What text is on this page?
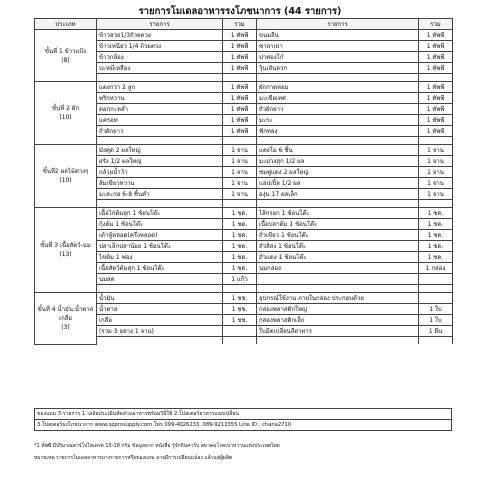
รายการโมเดลอาหารรงโภชนาการ (44 รายการ)
ประเภท	รายการ	รวม	รายการ	รวม

ขั้นที่ 1 ข้าวแป้ง
(8)	ข้าวสวย1/3ถ้วยตวง	1 ทัพพี	ขนมจีน	1 ทัพพี
	ข้าวเหนียว 1/4 ถ้วยตวง	1 ทัพพี	ซาลาเปา	1 ทัพพี
	ข้าวกล้อง	1 ทัพพี	ปาท่องโก๋	1 ทัพพี
	บะหมี่เหลือง	1 ทัพพี	วุ้นเส้นลวก	1 ทัพพี

ขั้นที่ 2 ผัก
(10)	แตงกวา 2 ลูก	1 ทัพพี	ผักกาดหอม	1 ทัพพี
	พริกหวาน	1 ทัพพี	มะเขือเทศ	1 ทัพพี
	ดอกกะหล่ำ	1 ทัพพี	ถั่วฝักยาว	1 ทัพพี
	แครอท	1 ทัพพี	มะระ	1 ทัพพี
	ถั่วฝักยาว	1 ทัพพี	ฟักทอง	1 ทัพพี

ขั้นที่2 ผลไม้ต่างๆ
(10)	มังคุด 2 ผลใหญ่	1 จาน	แตงโม 6 ชิ้น	1 จาน
	ฝรั่ง 1/2 ผลใหญ่	1 จาน	มะม่วงสุก 1/2 ผล	1 จาน
	กล้วยน้ำว้า	1 จาน	ชมพู่แดง 2 ผลใหญ่	1 จาน
	ส้มเขียวหวาน	1 จาน	แอปเปิ้ล 1/2 ผล	1 จาน
	มะละกอ 6-8 ชิ้นคำ	1 จาน	องุ่น 17 ผลเล็ก	1 จาน

ขั้นที่ 3 เนื้อสัตว์-นม
(13)	เนื้อไก่ต้มสุก 1 ช้อนโต๊ะ	1 ชด.	ไส้กรอก 1 ช้อนโต๊ะ	1 ชด.
	กุ้งต้ม 1 ช้อนโต๊ะ	1 ชด.	เนื้อปลาต้ม 1 ช้อนโต๊ะ	1 ชด.
	เต้าหู้หลอด(ครึ่งหลอด)	1 ชด.	ถั่วเขียว 1 ช้อนโต๊ะ	1 ชด.
	ปลาเล็กปลาน้อย 1 ช้อนโต๊ะ	1 ชด.	ถั่วลิสง 1 ช้อนโต๊ะ	1 ชด.
	ไข่ต้ม 1 ฟอง	1 ชด.	ถั่วแดง 1 ช้อนโต๊ะ	1 ชด.
	เนื้อสัตว์ต้มสุก 1 ช้อนโต๊ะ	1 ชด.	นมกล่อง	1 กล่อง
	นมสด	1 แก้ว		

ขั้นที่ 4 น้ำมัน,น้ำตาล เกลือ
(3)	น้ำมัน	1 ชช.	อุปกรณ์ใช้งาน ภายในกล่อง ประกอบด้วย	
	น้ำตาล	1 ชช.	กล่องพลาสติกใหญ่	1 ใบ
	เกลือ	1 ชช.	กล่องพลาสติกเล็ก	1 ใบ
	(รวม 3 อย่าง 1 จาน)		ใบมีดเปลี่ยนสีอาหาร	1 ผืน

ของแถม 3 รายการ 1.วงล้อประเมินสัดส่วนอาหารพร้อมวิธีใช้ 2.โปสเตอร์อาหารแลกเปลี่ยน
3.โปสเตอร์ธงโภชนาการ www.spprosupply.com โทร 099-4026233, 089-9213355 Line ID : chana2710
*1 ทัพพี มีปริมาณคาร์โบไฮเดรต 15-18 กรัม ข้อมูลจาก หนังสือ รู้จักกินคาร์บ สมาคมโรคเบาหวานแห่งประเทศไทย
หมายเหตุ รายการโมเดลอาหารบางรายการหรือของแถม อาจมีการเปลี่ยนแปลง แล้วแต่ผู้ผลิต
